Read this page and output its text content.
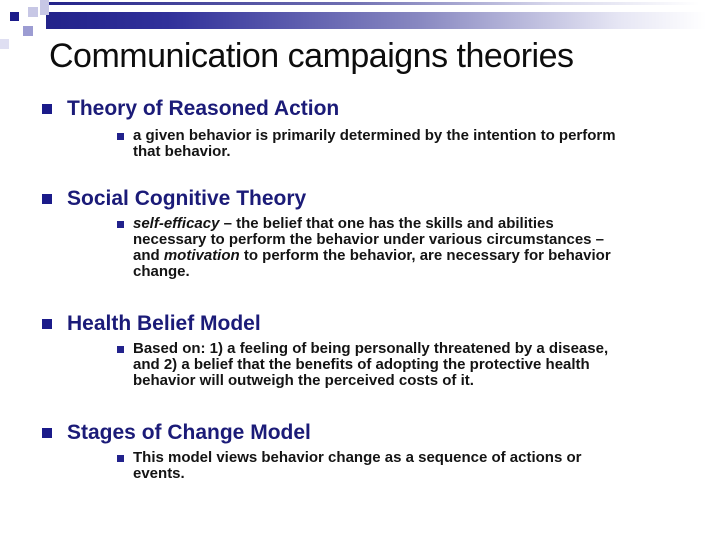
Communication campaigns theories
Theory of Reasoned Action
a given behavior is primarily determined by the intention to perform
that behavior.
Social Cognitive Theory
self-efficacy – the belief that one has the skills and abilities
necessary to perform the behavior under various circumstances –
and motivation to perform the behavior, are necessary for behavior
change.
Health Belief Model
Based on: 1) a feeling of being personally threatened by a disease,
and 2) a belief that the benefits of adopting the protective health
behavior will outweigh the perceived costs of it.
Stages of Change Model
This model views behavior change as a sequence of actions or
events.
